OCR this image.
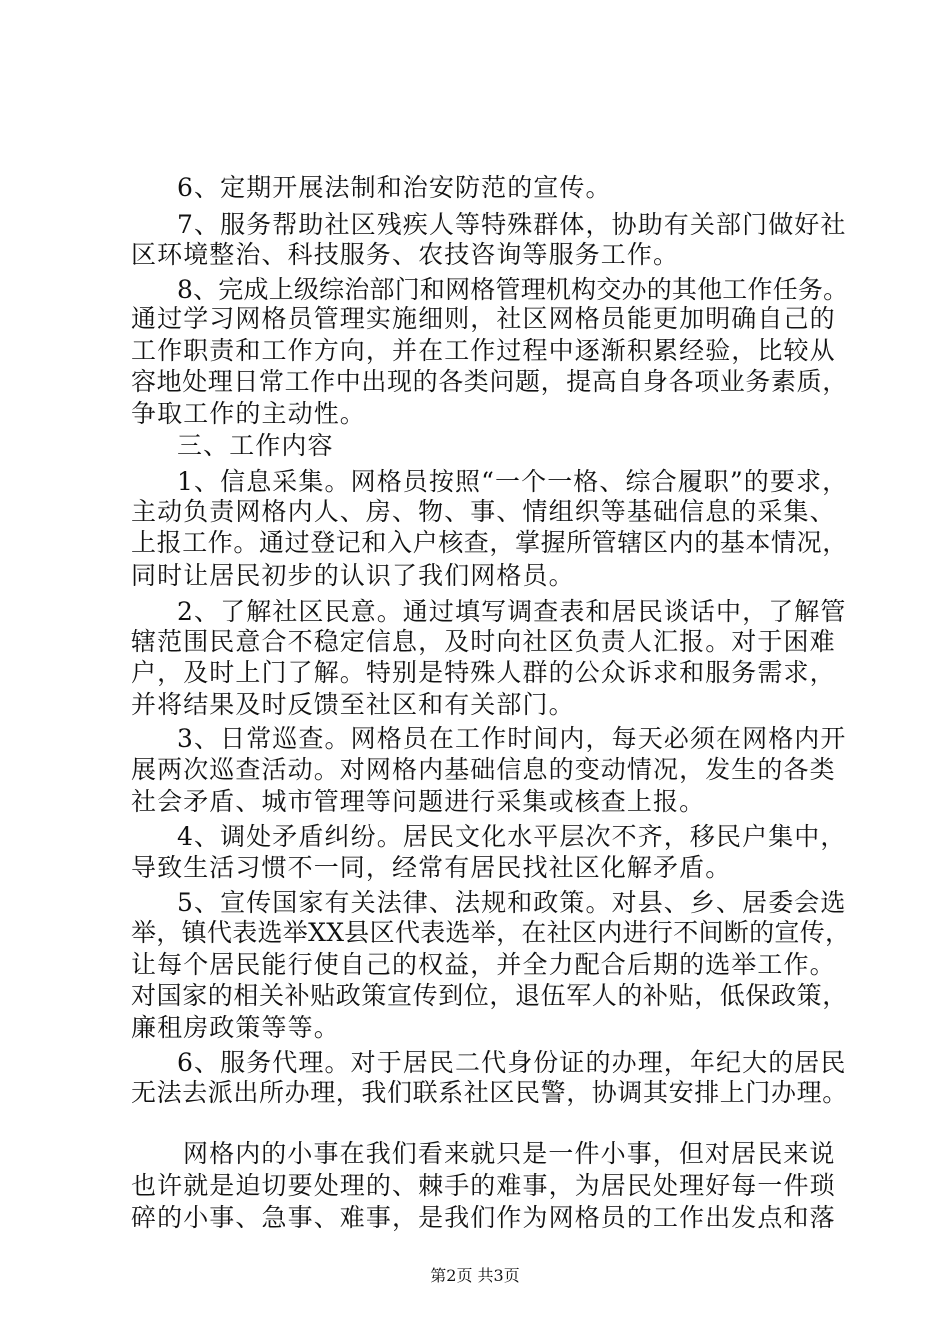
6、定期开展法制和治安防范的宣传。
7、服务帮助社区残疾人等特殊群体，协助有关部门做好社
区环境整治、科技服务、农技咨询等服务工作。
8、完成上级综治部门和网格管理机构交办的其他工作任务。
通过学习网格员管理实施细则，社区网格员能更加明确自己的
工作职责和工作方向，并在工作过程中逐渐积累经验，比较从
容地处理日常工作中出现的各类问题，提高自身各项业务素质，
争取工作的主动性。
三、工作内容
1、信息采集。网格员按照“一个一格、综合履职”的要求，
主动负责网格内人、房、物、事、情组织等基础信息的采集、
上报工作。通过登记和入户核查，掌握所管辖区内的基本情况，
同时让居民初步的认识了我们网格员。
2、了解社区民意。通过填写调查表和居民谈话中，了解管
辖范围民意合不稳定信息，及时向社区负责人汇报。对于困难
户，及时上门了解。特别是特殊人群的公众诉求和服务需求，
并将结果及时反馈至社区和有关部门。
3、日常巡查。网格员在工作时间内，每天必须在网格内开
展两次巡查活动。对网格内基础信息的变动情况，发生的各类
社会矛盾、城市管理等问题进行采集或核查上报。
4、调处矛盾纠纷。居民文化水平层次不齐，移民户集中，
导致生活习惯不一同，经常有居民找社区化解矛盾。
5、宣传国家有关法律、法规和政策。对县、乡、居委会选
举，镇代表选举XX县区代表选举，在社区内进行不间断的宣传，
让每个居民能行使自己的权益，并全力配合后期的选举工作。
对国家的相关补贴政策宣传到位，退伍军人的补贴，低保政策，
廉租房政策等等。
6、服务代理。对于居民二代身份证的办理，年纪大的居民
无法去派出所办理，我们联系社区民警，协调其安排上门办理。
网格内的小事在我们看来就只是一件小事，但对居民来说
也许就是迫切要处理的、棘手的难事，为居民处理好每一件琐
碎的小事、急事、难事，是我们作为网格员的工作出发点和落
第2页 共3页
